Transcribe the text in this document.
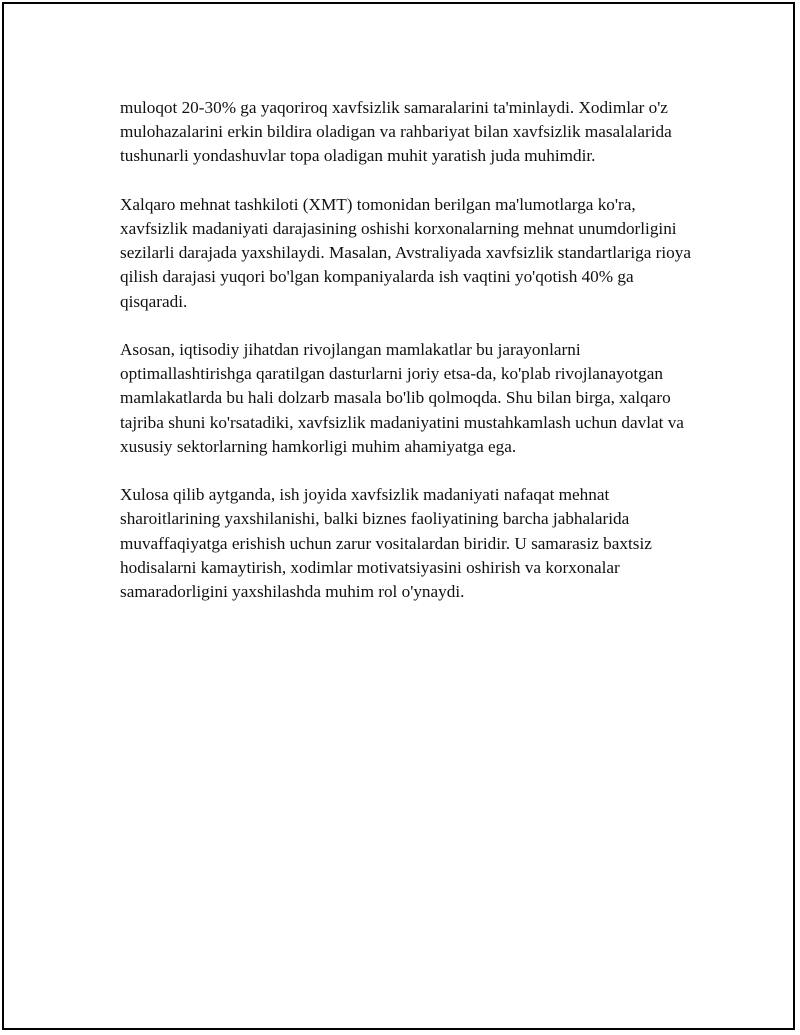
muloqot 20-30% ga yaqoriroq xavfsizlik samaralarini ta'minlaydi. Xodimlar o'z mulohazalarini erkin bildira oladigan va rahbariyat bilan xavfsizlik masalalarida tushunarli yondashuvlar topa oladigan muhit yaratish juda muhimdir.

Xalqaro mehnat tashkiloti (XMT) tomonidan berilgan ma'lumotlarga ko'ra, xavfsizlik madaniyati darajasining oshishi korxonalarning mehnat unumdorligini sezilarli darajada yaxshilaydi. Masalan, Avstraliyada xavfsizlik standartlariga rioya qilish darajasi yuqori bo'lgan kompaniyalarda ish vaqtini yo'qotish 40% ga qisqaradi.

Asosan, iqtisodiy jihatdan rivojlangan mamlakatlar bu jarayonlarni optimallashtirishga qaratilgan dasturlarni joriy etsa-da, ko'plab rivojlanayotgan mamlakatlarda bu hali dolzarb masala bo'lib qolmoqda. Shu bilan birga, xalqaro tajriba shuni ko'rsatadiki, xavfsizlik madaniyatini mustahkamlash uchun davlat va xususiy sektorlarning hamkorligi muhim ahamiyatga ega.

Xulosa qilib aytganda, ish joyida xavfsizlik madaniyati nafaqat mehnat sharoitlarining yaxshilanishi, balki biznes faoliyatining barcha jabhalarida muvaffaqiyatga erishish uchun zarur vositalardan biridir. U samarasiz baxtsiz hodisalarni kamaytirish, xodimlar motivatsiyasini oshirish va korxonalar samaradorligini yaxshilashda muhim rol o'ynaydi.
